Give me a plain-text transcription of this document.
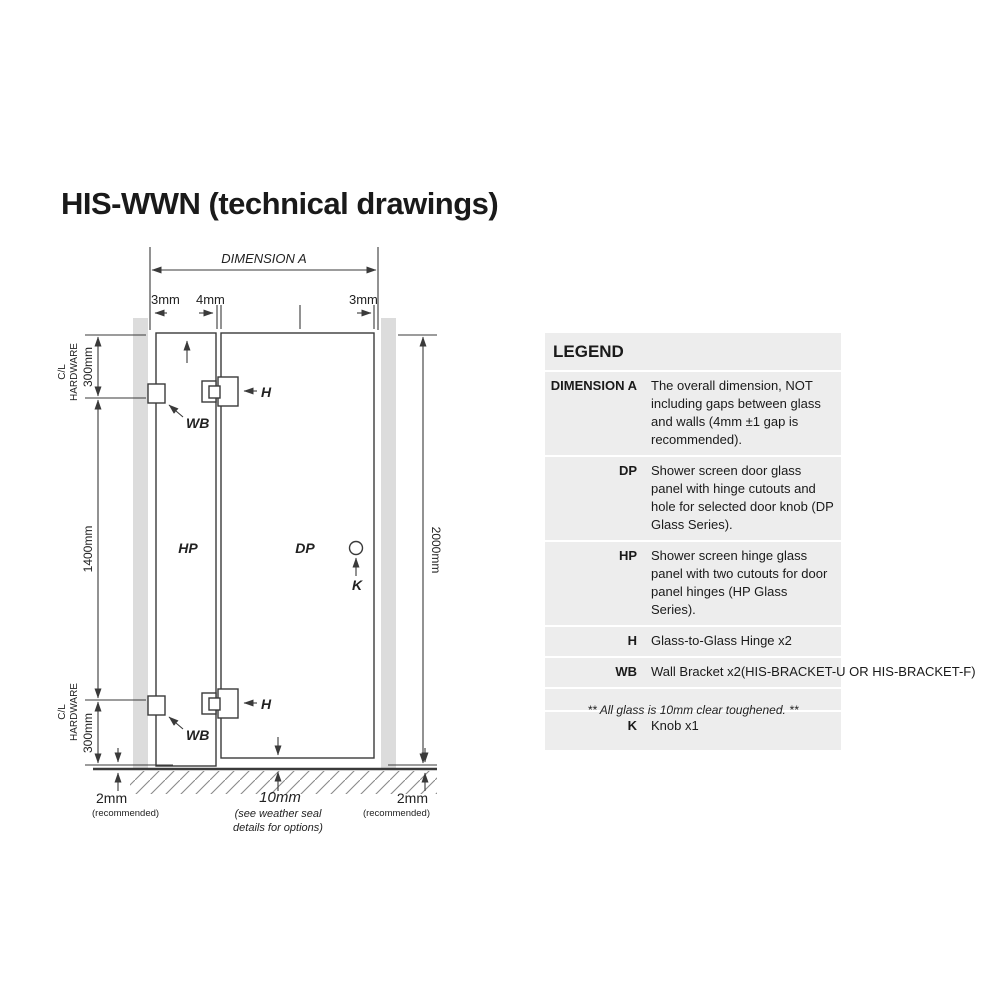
HIS-WWN (technical drawings)
DIMENSION A
3mm 4mm	3mm
C/L HARDWARE 300mm
1400mm
C/L HARDWARE 300mm
2000mm
H
H
WB
WB
K
HP	DP
2mm
(recommended)
10mm
(see weather seal
details for options)
2mm
(recommended)
LEGEND
DIMENSION A The overall dimension, NOT including gaps between glass and walls (4mm ±1 gap is recommended).
DP Shower screen door glass panel with hinge cutouts and hole for selected door knob (DP Glass Series).
HP Shower screen hinge glass panel with two cutouts for door panel hinges (HP Glass Series).
H Glass-to-Glass Hinge x2
WB Wall Bracket x2(HIS-BRACKET-U OR HIS-BRACKET-F)
K Knob x1
** All glass is 10mm clear toughened. **
